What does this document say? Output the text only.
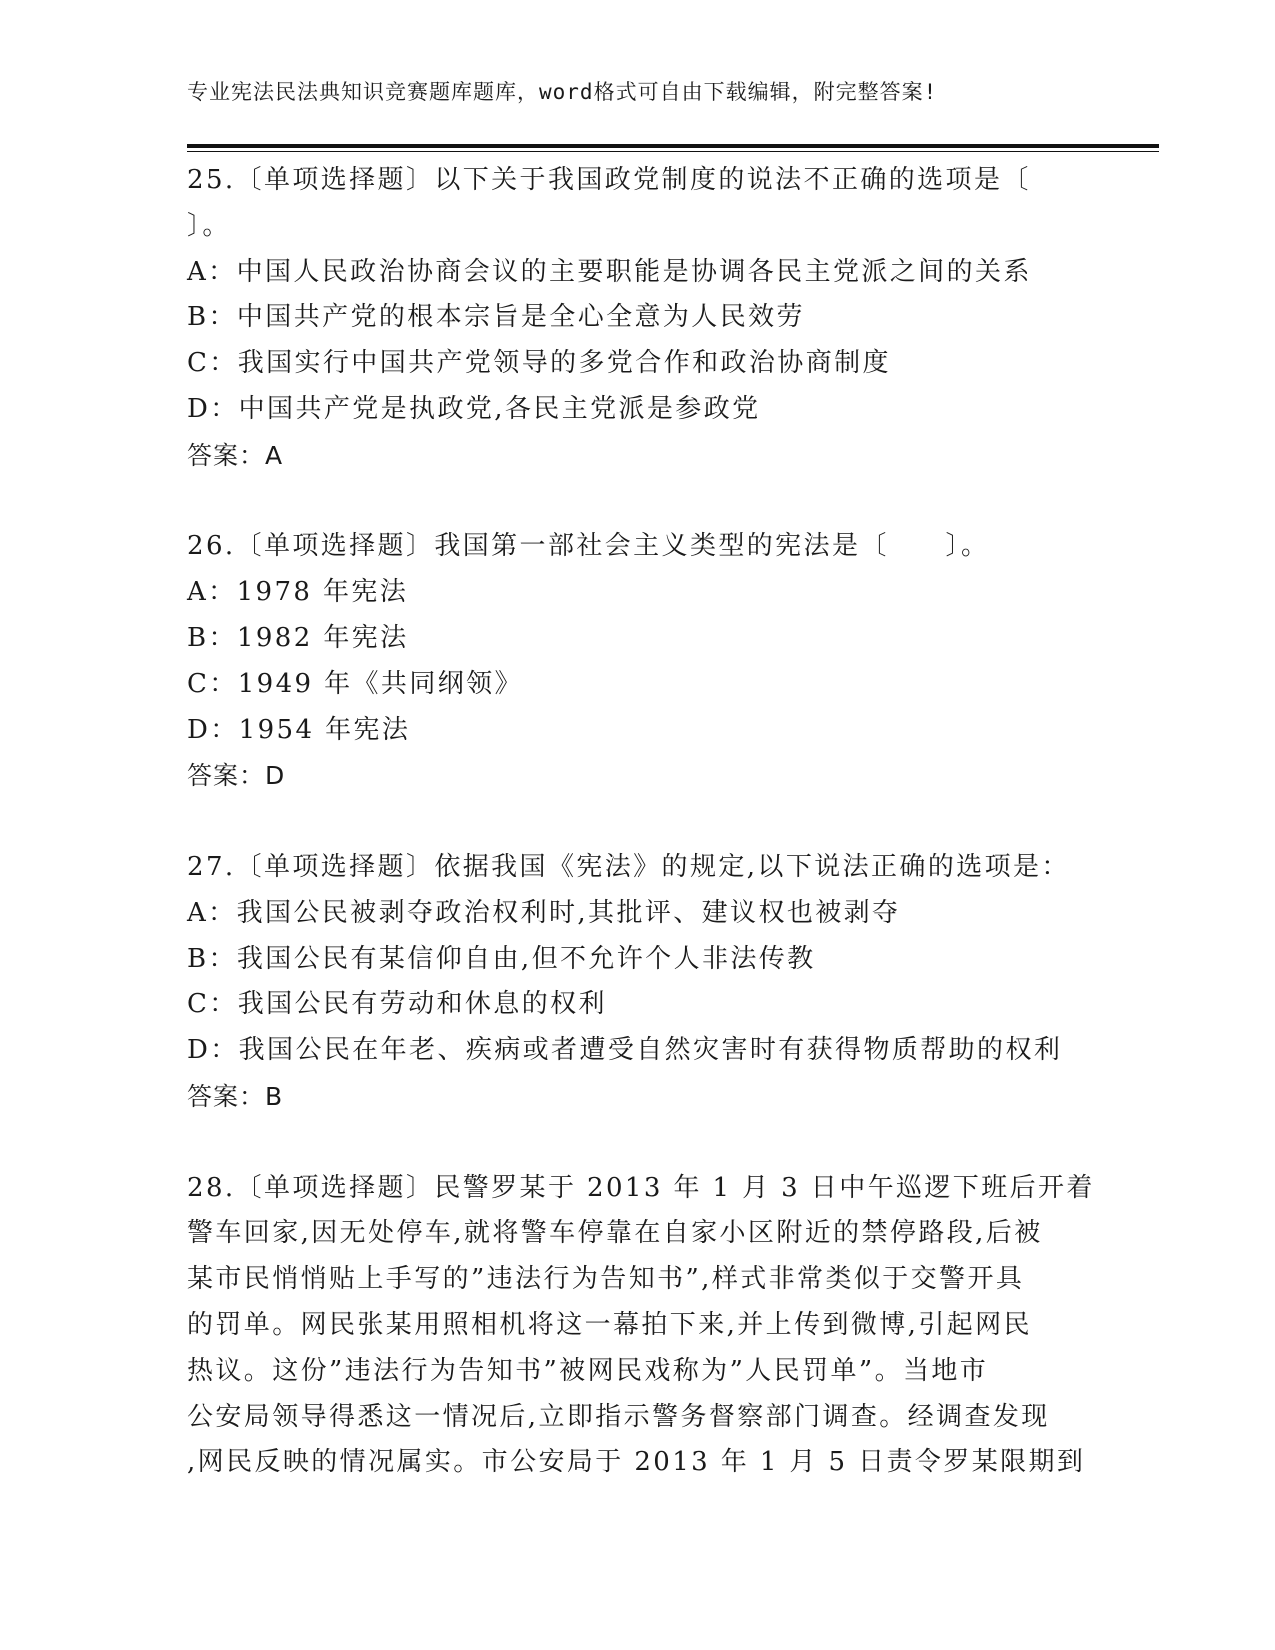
专业宪法民法典知识竞赛题库题库，word格式可自由下载编辑，附完整答案!
25.〔单项选择题〕以下关于我国政党制度的说法不正确的选项是〔
〕。
A：中国人民政治协商会议的主要职能是协调各民主党派之间的关系
B：中国共产党的根本宗旨是全心全意为人民效劳
C：我国实行中国共产党领导的多党合作和政治协商制度
D：中国共产党是执政党,各民主党派是参政党
答案：A
26.〔单项选择题〕我国第一部社会主义类型的宪法是〔　　〕。
A：1978 年宪法
B：1982 年宪法
C：1949 年《共同纲领》
D：1954 年宪法
答案：D
27.〔单项选择题〕依据我国《宪法》的规定,以下说法正确的选项是：
A：我国公民被剥夺政治权利时,其批评、建议权也被剥夺
B：我国公民有某信仰自由,但不允许个人非法传教
C：我国公民有劳动和休息的权利
D：我国公民在年老、疾病或者遭受自然灾害时有获得物质帮助的权利
答案：B
28.〔单项选择题〕民警罗某于 2013 年 1 月 3 日中午巡逻下班后开着
警车回家,因无处停车,就将警车停靠在自家小区附近的禁停路段,后被
某市民悄悄贴上手写的”违法行为告知书”,样式非常类似于交警开具
的罚单。网民张某用照相机将这一幕拍下来,并上传到微博,引起网民
热议。这份”违法行为告知书”被网民戏称为”人民罚单”。当地市
公安局领导得悉这一情况后,立即指示警务督察部门调查。经调查发现
,网民反映的情况属实。市公安局于 2013 年 1 月 5 日责令罗某限期到
